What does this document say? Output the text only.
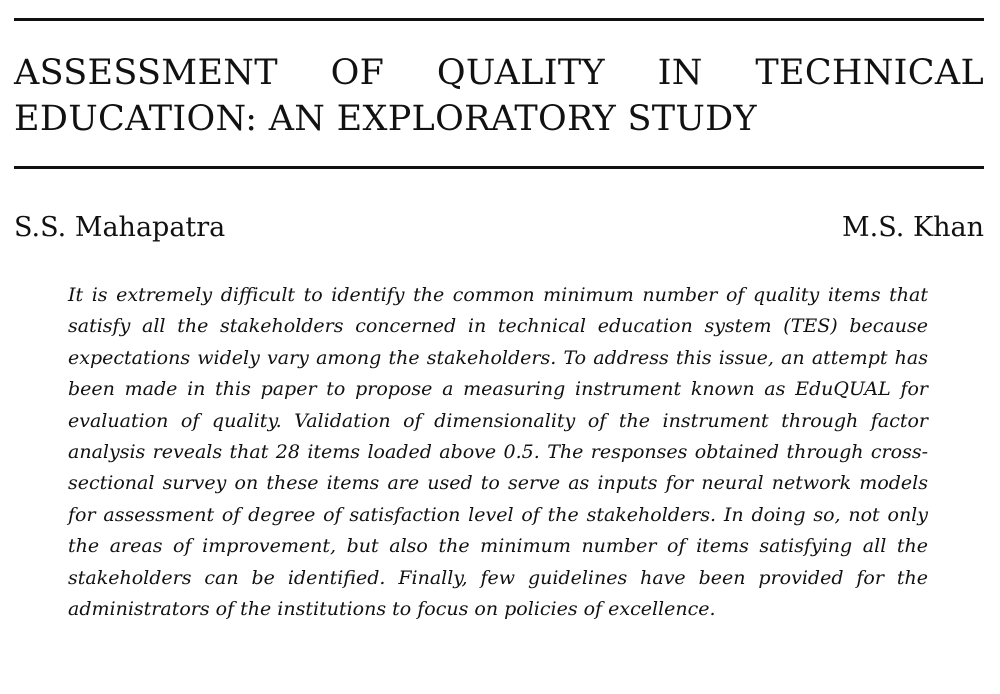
ASSESSMENT OF QUALITY IN TECHNICAL
EDUCATION: AN EXPLORATORY STUDY
S.S. Mahapatra	M.S. Khan

It is extremely difficult to identify the common minimum number of quality items that satisfy all the stakeholders concerned in technical education system (TES) because expectations widely vary among the stakeholders. To address this issue, an attempt has been made in this paper to propose a measuring instrument known as EduQUAL for evaluation of quality. Validation of dimensionality of the instrument through factor analysis reveals that 28 items loaded above 0.5. The responses obtained through cross-sectional survey on these items are used to serve as inputs for neural network models for assessment of degree of satisfaction level of the stakeholders. In doing so, not only the areas of improvement, but also the minimum number of items satisfying all the stakeholders can be identified. Finally, few guidelines have been provided for the administrators of the institutions to focus on policies of excellence.
